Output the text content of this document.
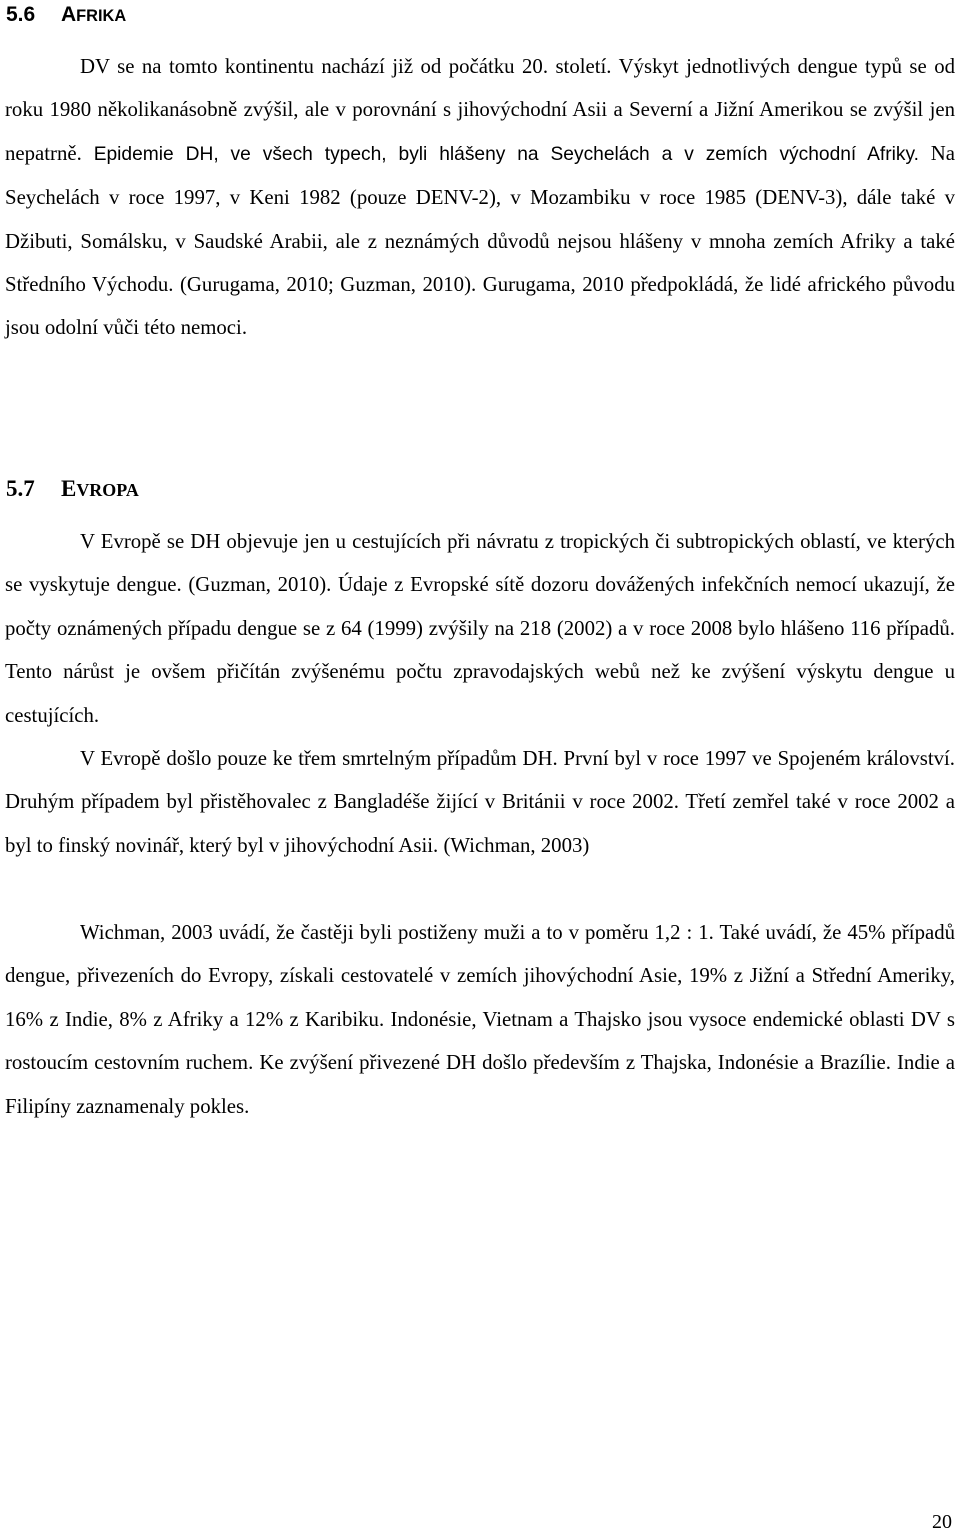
5.6 AFRIKA

DV se na tomto kontinentu nachází již od počátku 20. století. Výskyt jednotlivých dengue typů se od roku 1980 několikanásobně zvýšil, ale v porovnání s jihovýchodní Asii a Severní a Jižní Amerikou se zvýšil jen nepatrně. Epidemie DH, ve všech typech, byli hlášeny na Seychelách a v zemích východní Afriky. Na Seychelách v roce 1997, v Keni 1982 (pouze DENV-2), v Mozambiku v roce 1985 (DENV-3), dále také v Džibuti, Somálsku, v Saudské Arabii, ale z neznámých důvodů nejsou hlášeny v mnoha zemích Afriky a také Středního Východu. (Gurugama, 2010; Guzman, 2010). Gurugama, 2010 předpokládá, že lidé afrického původu jsou odolní vůči této nemoci.

5.7 EVROPA

V Evropě se DH objevuje jen u cestujících při návratu z tropických či subtropických oblastí, ve kterých se vyskytuje dengue. (Guzman, 2010). Údaje z Evropské sítě dozoru dovážených infekčních nemocí ukazují, že počty oznámených případu dengue se z 64 (1999) zvýšily na 218 (2002) a v roce 2008 bylo hlášeno 116 případů. Tento nárůst je ovšem přičítán zvýšenému počtu zpravodajských webů než ke zvýšení výskytu dengue u cestujících.

V Evropě došlo pouze ke třem smrtelným případům DH. První byl v roce 1997 ve Spojeném království. Druhým případem byl přistěhovalec z Bangladéše žijící v Británii v roce 2002. Třetí zemřel také v roce 2002 a byl to finský novinář, který byl v jihovýchodní Asii. (Wichman, 2003)

Wichman, 2003 uvádí, že častěji byli postiženy muži a to v poměru 1,2 : 1. Také uvádí, že 45% případů dengue, přivezeních do Evropy, získali cestovatelé v zemích jihovýchodní Asie, 19% z Jižní a Střední Ameriky, 16% z Indie, 8% z Afriky a 12% z Karibiku. Indonésie, Vietnam a Thajsko jsou vysoce endemické oblasti DV s rostoucím cestovním ruchem. Ke zvýšení přivezené DH došlo především z Thajska, Indonésie a Brazílie. Indie a Filipíny zaznamenaly pokles.

20
